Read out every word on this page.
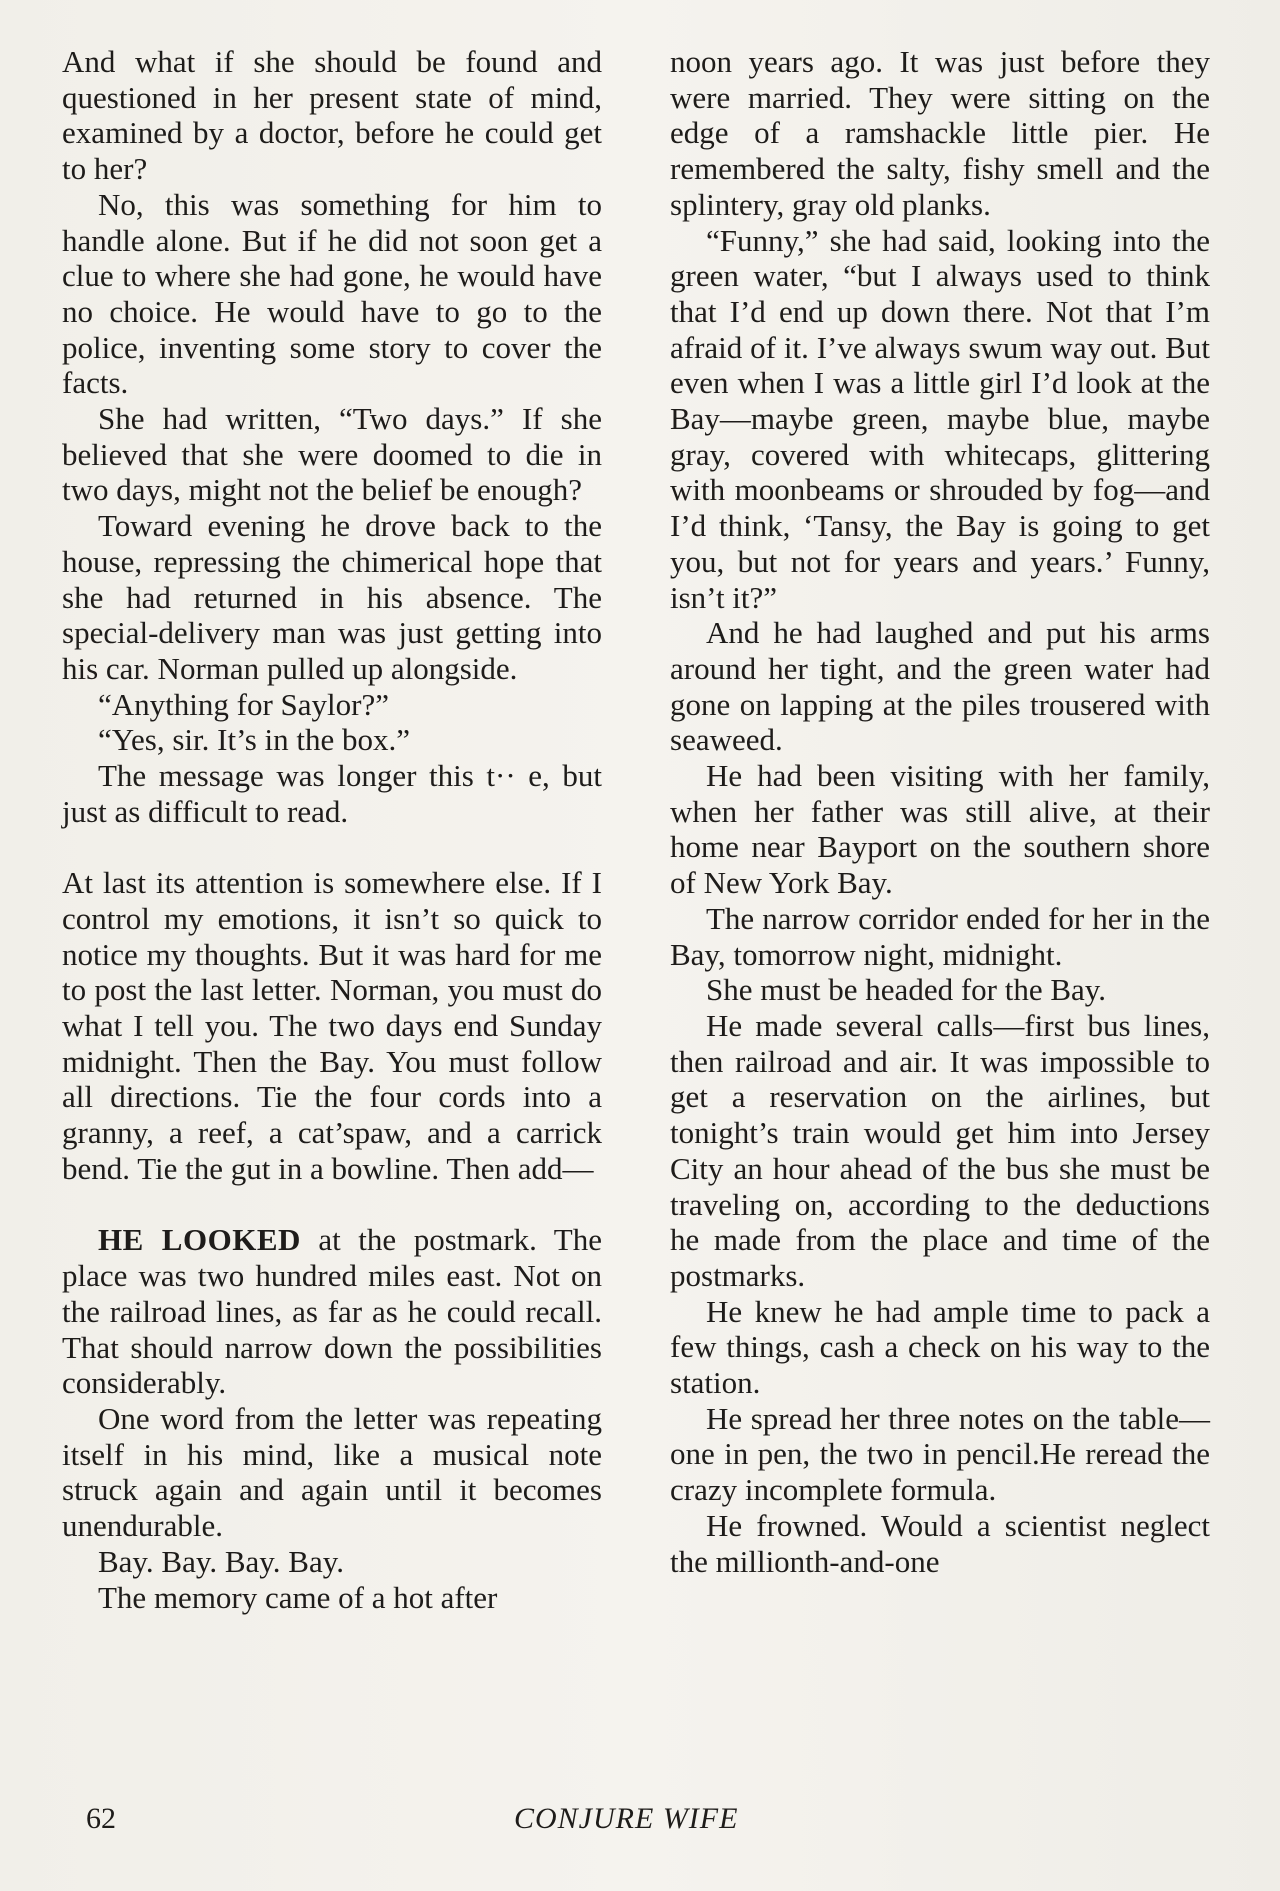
And what if she should be found and questioned in her present state of mind, examined by a doctor, before he could get to her?

No, this was something for him to handle alone. But if he did not soon get a clue to where she had gone, he would have no choice. He would have to go to the police, inventing some story to cover the facts.

She had written, “Two days.” If she believed that she were doomed to die in two days, might not the belief be enough?

Toward evening he drove back to the house, repressing the chimerical hope that she had returned in his absence. The special-delivery man was just getting into his car. Norman pulled up alongside.

“Anything for Saylor?”

“Yes, sir. It’s in the box.”

The message was longer this t·· e, but just as difficult to read.

At last its attention is somewhere else. If I control my emotions, it isn’t so quick to notice my thoughts. But it was hard for me to post the last letter. Norman, you must do what I tell you. The two days end Sunday midnight. Then the Bay. You must follow all directions. Tie the four cords into a granny, a reef, a cat’spaw, and a carrick bend. Tie the gut in a bowline. Then add—

HE LOOKED at the postmark. The place was two hundred miles east. Not on the railroad lines, as far as he could recall. That should narrow down the possibilities considerably.

One word from the letter was repeating itself in his mind, like a musical note struck again and again until it becomes unendurable.

Bay. Bay. Bay. Bay.

The memory came of a hot after

noon years ago. It was just before they were married. They were sitting on the edge of a ramshackle little pier. He remembered the salty, fishy smell and the splintery, gray old planks.

“Funny,” she had said, looking into the green water, “but I always used to think that I’d end up down there. Not that I’m afraid of it. I’ve always swum way out. But even when I was a little girl I’d look at the Bay—maybe green, maybe blue, maybe gray, covered with whitecaps, glittering with moonbeams or shrouded by fog—and I’d think, ‘Tansy, the Bay is going to get you, but not for years and years.’ Funny, isn’t it?”

And he had laughed and put his arms around her tight, and the green water had gone on lapping at the piles trousered with seaweed.

He had been visiting with her family, when her father was still alive, at their home near Bayport on the southern shore of New York Bay.

The narrow corridor ended for her in the Bay, tomorrow night, midnight.

She must be headed for the Bay.

He made several calls—first bus lines, then railroad and air. It was impossible to get a reservation on the airlines, but tonight’s train would get him into Jersey City an hour ahead of the bus she must be traveling on, according to the deductions he made from the place and time of the postmarks.

He knew he had ample time to pack a few things, cash a check on his way to the station.

He spread her three notes on the table—one in pen, the two in pencil.He reread the crazy incomplete formula.

He frowned. Would a scientist neglect the millionth-and-one

62	CONJURE WIFE
